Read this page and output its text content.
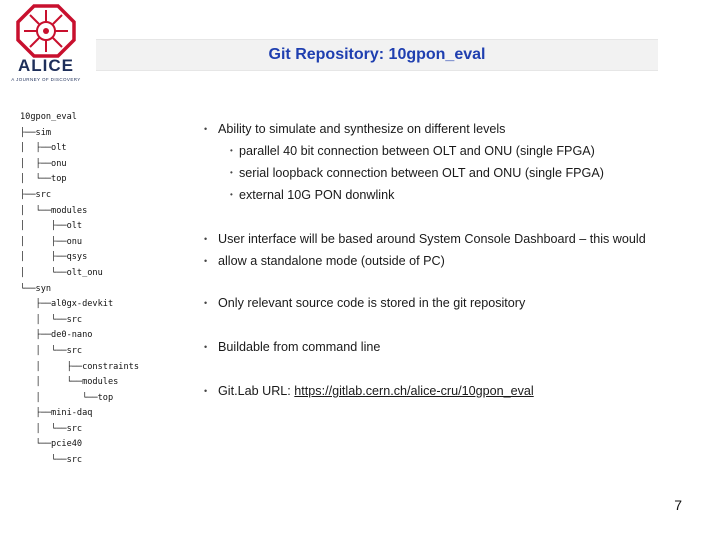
ALICE
A JOURNEY OF DISCOVERY
Git Repository: 10gpon_eval
10gpon_eval
├──sim
│  ├──olt
│  ├──onu
│  └──top
├──src
│  └──modules
│     ├──olt
│     ├──onu
│     ├──qsys
│     └──olt_onu
└──syn
├──al0gx-devkit
│  └──src
├──de0-nano
│  └──src
│     ├──constraints
│     └──modules
│        └──top
├──mini-daq
│  └──src
└──pcie40
└──src
Ability to simulate and synthesize on different levels
parallel 40 bit connection between OLT and ONU (single FPGA)
serial loopback connection between OLT and ONU (single FPGA)
external 10G PON donwlink
User interface will be based around System Console Dashboard – this would
allow a standalone mode (outside of PC)
Only relevant source code is stored in the git repository
Buildable from command line
Git.Lab URL: https://gitlab.cern.ch/alice-cru/10gpon_eval
7
